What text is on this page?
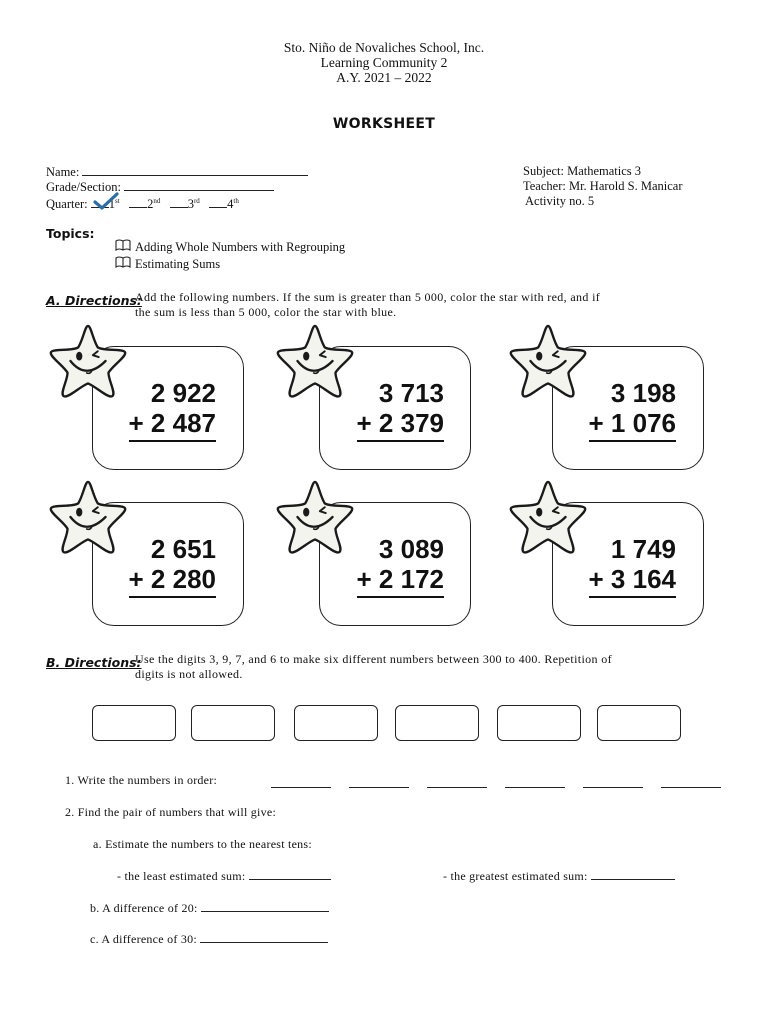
Sto. Niño de Novaliches School, Inc.
Learning Community 2
A.Y. 2021 – 2022
WORKSHEET
Name:
Grade/Section:
Quarter: 1st 2nd 3rd 4th
Subject: Mathematics 3
Teacher: Mr. Harold S. Manicar
Activity no. 5
Topics:
Adding Whole Numbers with Regrouping
Estimating Sums
A. Directions:
Add the following numbers. If the sum is greater than 5 000, color the star with red, and if
the sum is less than 5 000, color the star with blue.
2 922
+ 2 487
3 713
+ 2 379
3 198
+ 1 076
2 651
+ 2 280
3 089
+ 2 172
1 749
+ 3 164
B. Directions:
Use the digits 3, 9, 7, and 6 to make six different numbers between 300 to 400. Repetition of
digits is not allowed.
1. Write the numbers in order:
2. Find the pair of numbers that will give:
a. Estimate the numbers to the nearest tens:
- the least estimated sum:	- the greatest estimated sum:
b. A difference of 20:
c. A difference of 30:
